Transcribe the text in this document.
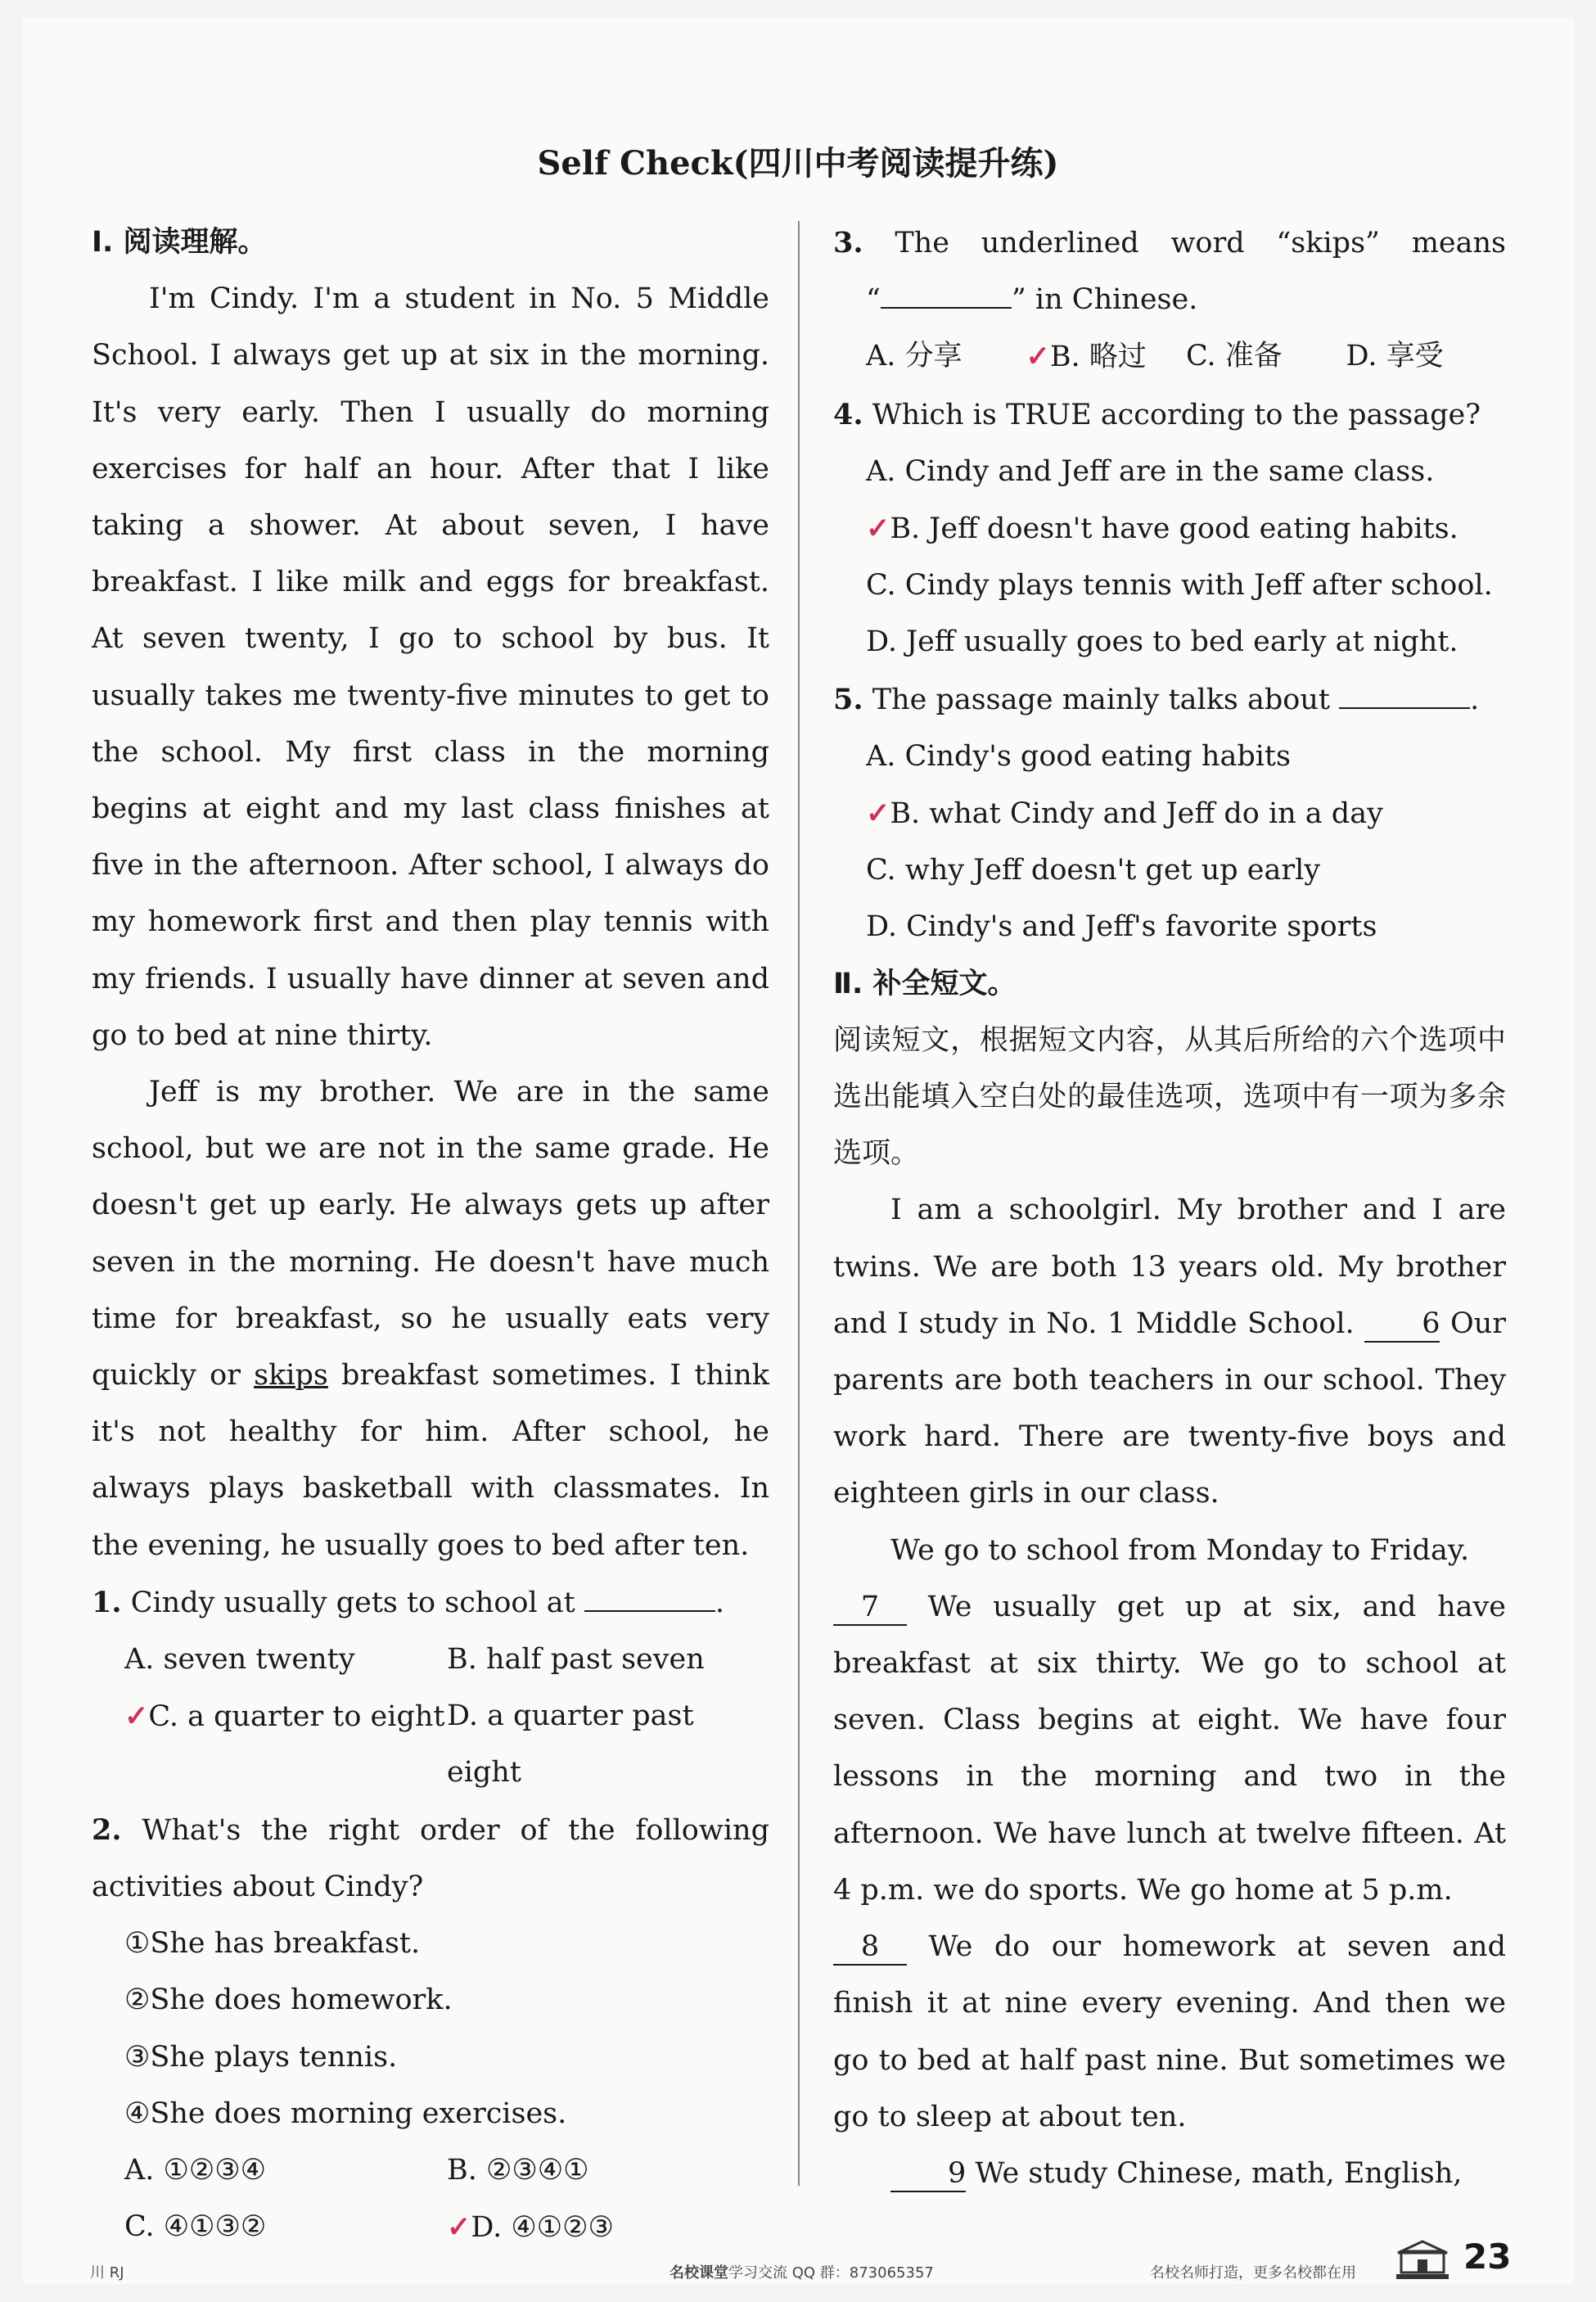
Self Check(四川中考阅读提升练)
Ⅰ. 阅读理解。
I'm Cindy. I'm a student in No. 5 Middle School. I always get up at six in the morning. It's very early. Then I usually do morning exercises for half an hour. After that I like taking a shower. At about seven, I have breakfast. I like milk and eggs for breakfast. At seven twenty, I go to school by bus. It usually takes me twenty-five minutes to get to the school. My first class in the morning begins at eight and my last class finishes at five in the afternoon. After school, I always do my homework first and then play tennis with my friends. I usually have dinner at seven and go to bed at nine thirty.
Jeff is my brother. We are in the same school, but we are not in the same grade. He doesn't get up early. He always gets up after seven in the morning. He doesn't have much time for breakfast, so he usually eats very quickly or skips breakfast sometimes. I think it's not healthy for him. After school, he always plays basketball with classmates. In the evening, he usually goes to bed after ten.
1. Cindy usually gets to school at	.
A. seven twenty	B. half past seven
✓C. a quarter to eight D. a quarter past eight
2. What's the right order of the following activities about Cindy?
①She has breakfast.
②She does homework.
③She plays tennis.
④She does morning exercises.
A. ①②③④	B. ②③④①
C. ④①③②	✓D. ④①②③
3. The underlined word “skips” means
“	” in Chinese.
A. 分享	✓B. 略过	C. 准备	D. 享受
4. Which is TRUE according to the passage?
A. Cindy and Jeff are in the same class.
✓B. Jeff doesn't have good eating habits.
C. Cindy plays tennis with Jeff after school.
D. Jeff usually goes to bed early at night.
5. The passage mainly talks about	.
A. Cindy's good eating habits
✓B. what Cindy and Jeff do in a day
C. why Jeff doesn't get up early
D. Cindy's and Jeff's favorite sports
Ⅱ. 补全短文。
阅读短文，根据短文内容，从其后所给的六个选项中选出能填入空白处的最佳选项，选项中有一项为多余选项。
I am a schoolgirl. My brother and I are twins. We are both 13 years old. My brother and I study in No. 1 Middle School. 6 Our parents are both teachers in our school. They work hard. There are twenty-five boys and eighteen girls in our class.
We go to school from Monday to Friday.
7 We usually get up at six, and have breakfast at six thirty. We go to school at seven. Class begins at eight. We have four lessons in the morning and two in the afternoon. We have lunch at twelve fifteen. At 4 p.m. we do sports. We go home at 5 p.m.
8 We do our homework at seven and finish it at nine every evening. And then we go to bed at half past nine. But sometimes we go to sleep at about ten.
9 We study Chinese, math, English,
川 RJ	名校课堂学习交流 QQ 群：873065357	名校名师打造，更多名校都在用	23
